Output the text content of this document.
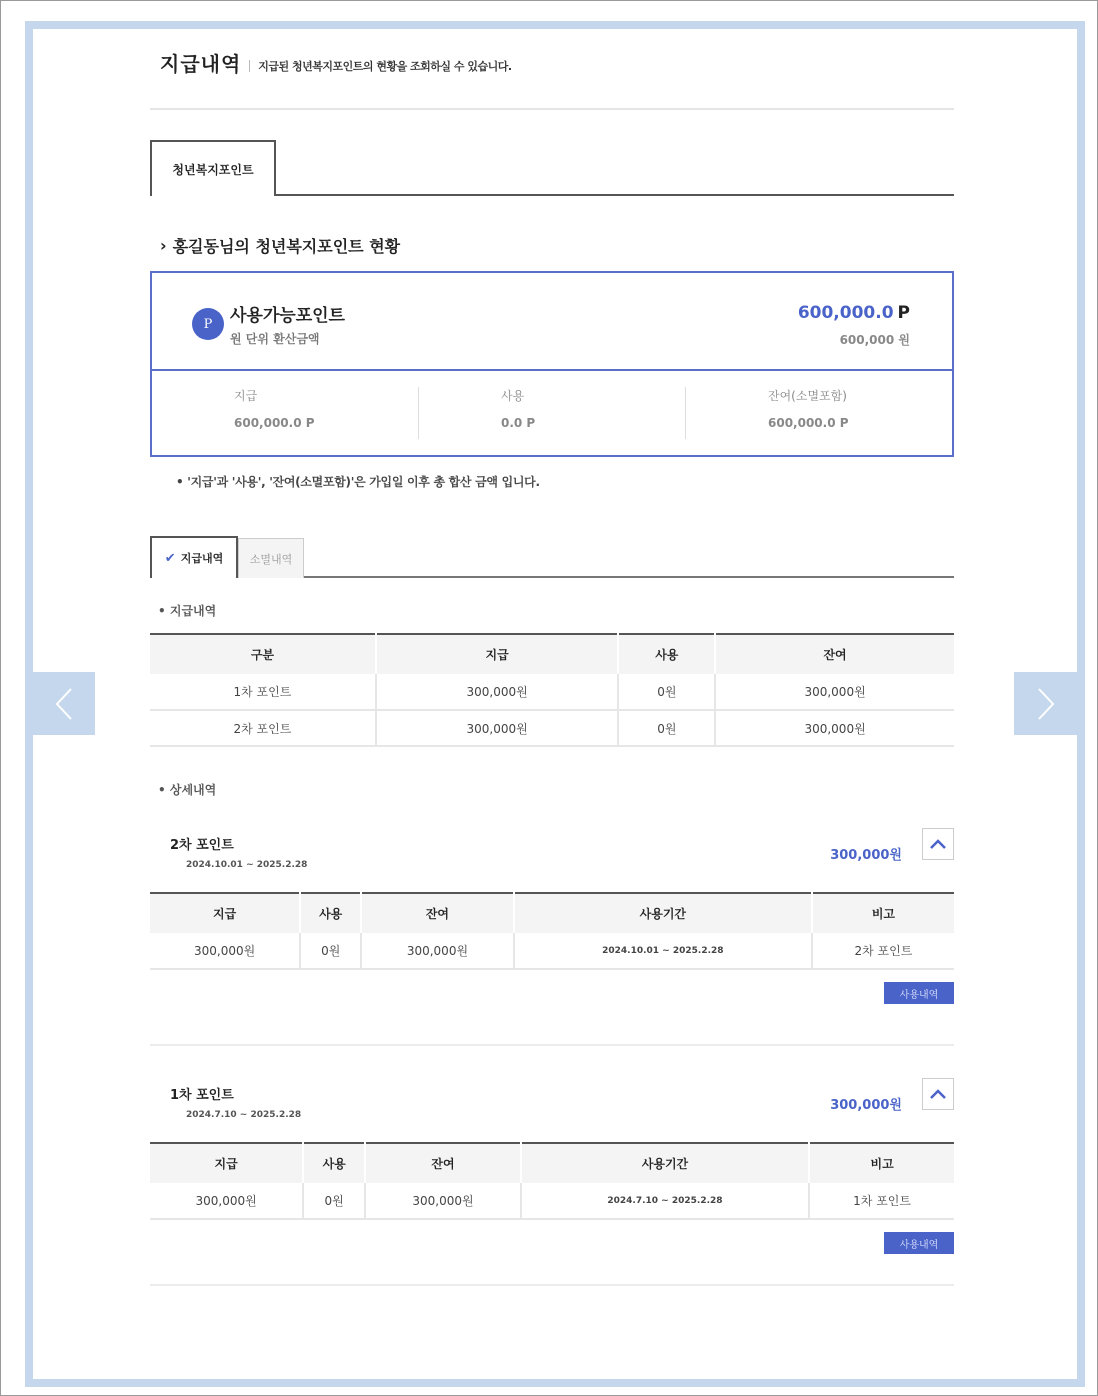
지급내역 지급된 청년복지포인트의 현황을 조회하실 수 있습니다.
청년복지포인트
› 홍길동님의 청년복지포인트 현황
P	사용가능포인트
원 단위 환산금액
600,000.0 P
600,000 원
지급
600,000.0 P
사용
0.0 P
잔여(소멸포함)
600,000.0 P
• '지급'과 '사용', '잔여(소멸포함)'은 가입일 이후 총 합산 금액 입니다.
✔ 지급내역	소멸내역
• 지급내역
구분	지급	사용	잔여
1차 포인트	300,000원	0원	300,000원
2차 포인트	300,000원	0원	300,000원
• 상세내역
2차 포인트
2024.10.01 ~ 2025.2.28
300,000원
지급	사용	잔여	사용기간	비고
300,000원	0원	300,000원	2024.10.01 ~ 2025.2.28	2차 포인트
사용내역
1차 포인트
2024.7.10 ~ 2025.2.28
300,000원
지급	사용	잔여	사용기간	비고
300,000원	0원	300,000원	2024.7.10 ~ 2025.2.28	1차 포인트
사용내역
